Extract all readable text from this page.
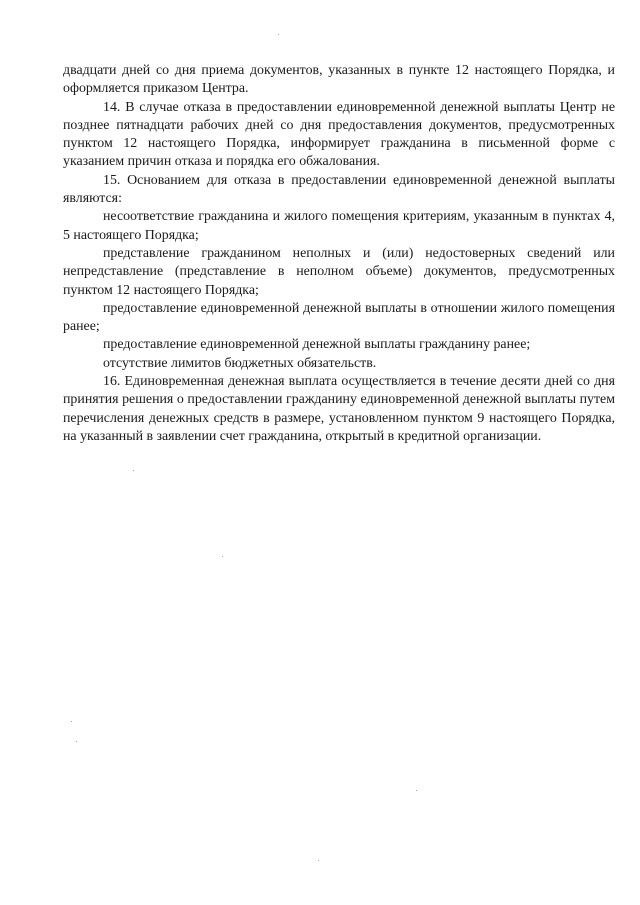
двадцати дней со дня приема документов, указанных в пункте 12 настоящего Порядка, и оформляется приказом Центра.

14. В случае отказа в предоставлении единовременной денежной выплаты Центр не позднее пятнадцати рабочих дней со дня предоставления документов, предусмотренных пунктом 12 настоящего Порядка, информирует гражданина в письменной форме с указанием причин отказа и порядка его обжалования.

15. Основанием для отказа в предоставлении единовременной денежной выплаты являются:

несоответствие гражданина и жилого помещения критериям, указанным в пунктах 4, 5 настоящего Порядка;

представление гражданином неполных и (или) недостоверных сведений или непредставление (представление в неполном объеме) документов, предусмотренных пунктом 12 настоящего Порядка;

предоставление единовременной денежной выплаты в отношении жилого помещения ранее;

предоставление единовременной денежной выплаты гражданину ранее;

отсутствие лимитов бюджетных обязательств.

16. Единовременная денежная выплата осуществляется в течение десяти дней со дня принятия решения о предоставлении гражданину единовременной денежной выплаты путем перечисления денежных средств в размере, установленном пунктом 9 настоящего Порядка, на указанный в заявлении счет гражданина, открытый в кредитной организации.
